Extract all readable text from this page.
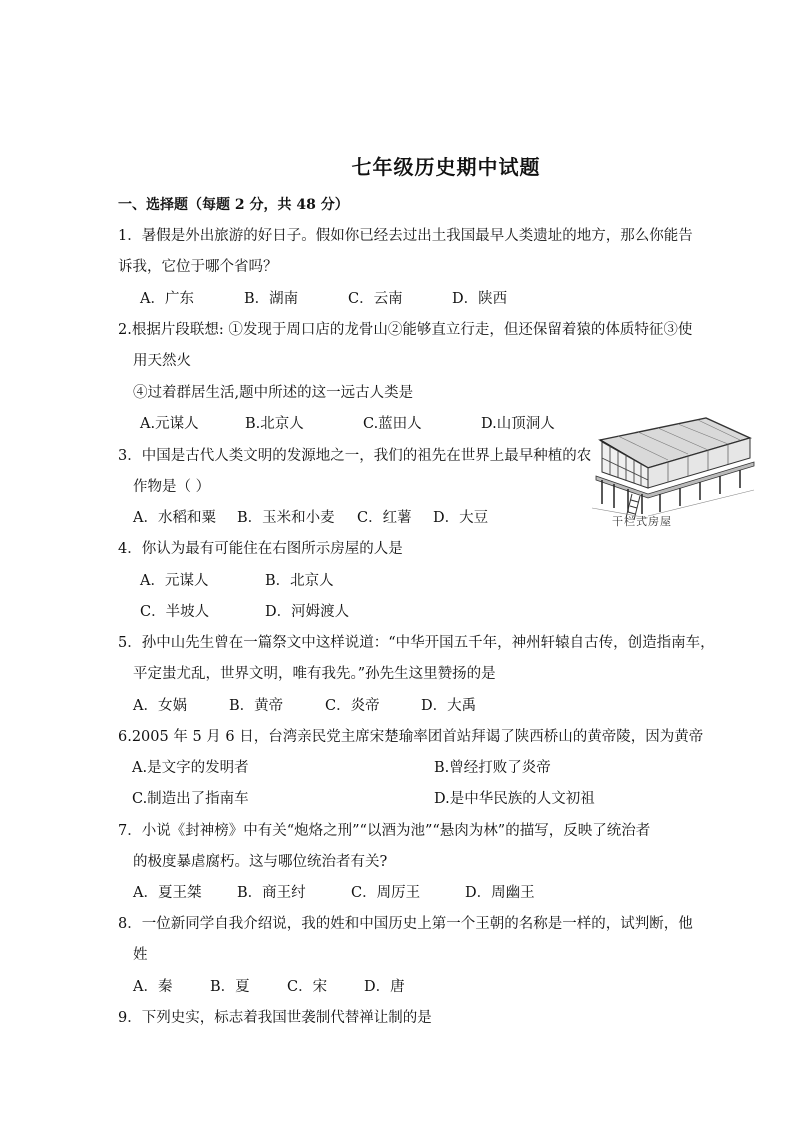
七年级历史期中试题
一、选择题（每题 2 分，共 48 分）
1．暑假是外出旅游的好日子。假如你已经去过出土我国最早人类遗址的地方，那么你能告
诉我，它位于哪个省吗？
A．广东	B．湖南	C．云南	D．陕西
2.根据片段联想: ①发现于周口店的龙骨山②能够直立行走，但还保留着猿的体质特征③使
用天然火
④过着群居生活,题中所述的这一远古人类是
A.元谋人	B.北京人	C.蓝田人	D.山顶洞人
3．中国是古代人类文明的发源地之一，我们的祖先在世界上最早种植的农
作物是（ ）
A．水稻和粟 B．玉米和小麦 C．红薯 D．大豆	干栏式房屋
4．你认为最有可能住在右图所示房屋的人是
A．元谋人	B．北京人
C．半坡人	D．河姆渡人
5．孙中山先生曾在一篇祭文中这样说道：“中华开国五千年，神州轩辕自古传，创造指南车，
平定蚩尤乱，世界文明，唯有我先。”孙先生这里赞扬的是
A．女娲	B．黄帝	C．炎帝	D．大禹
6.2005 年 5 月 6 日，台湾亲民党主席宋楚瑜率团首站拜谒了陕西桥山的黄帝陵，因为黄帝
A.是文字的发明者	B.曾经打败了炎帝
C.制造出了指南车	D.是中华民族的人文初祖
7．小说《封神榜》中有关“炮烙之刑”“以酒为池”“悬肉为林”的描写，反映了统治者
的极度暴虐腐朽。这与哪位统治者有关?
A．夏王桀 B．商王纣	C．周厉王	D．周幽王
8．一位新同学自我介绍说，我的姓和中国历史上第一个王朝的名称是一样的，试判断，他
姓
A．秦	B．夏	C．宋	D．唐
9．下列史实，标志着我国世袭制代替禅让制的是
